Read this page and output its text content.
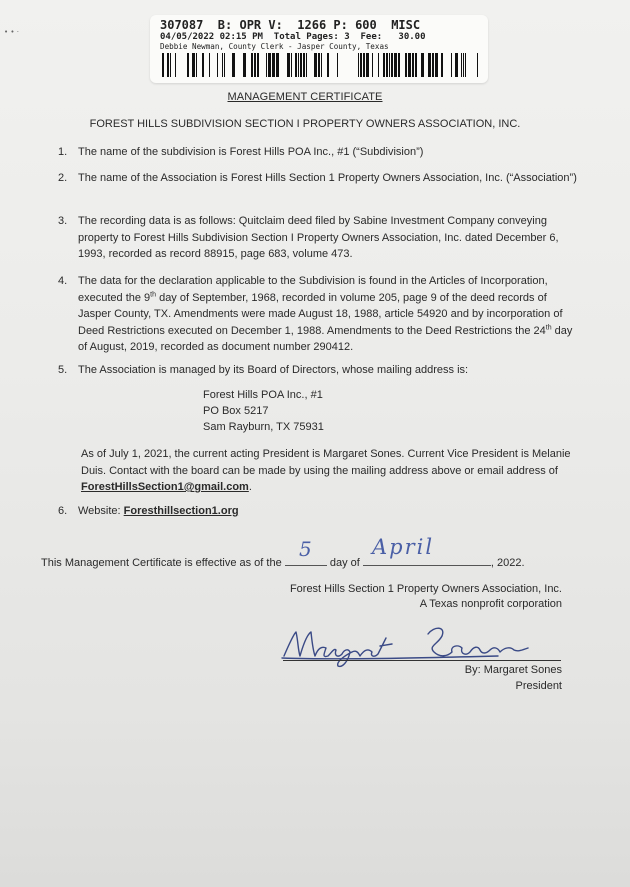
• • ·	307087  B: OPR V:  1266 P: 600  MISC
04/05/2022 02:15 PM  Total Pages: 3  Fee:   30.00
Debbie Newman, County Clerk - Jasper County, Texas
MANAGEMENT CERTIFICATE
FOREST HILLS SUBDIVISION SECTION I PROPERTY OWNERS ASSOCIATION, INC.
1. The name of the subdivision is Forest Hills POA Inc., #1 (“Subdivision”)
2. The name of the Association is Forest Hills Section 1 Property Owners Association, Inc. (“Association”)
3. The recording data is as follows: Quitclaim deed filed by Sabine Investment Company conveying property to Forest Hills Subdivision Section I Property Owners Association, Inc. dated December 6, 1993, recorded as record 88915, page 683, volume 473.
4. The data for the declaration applicable to the Subdivision is found in the Articles of Incorporation, executed the 9th day of September, 1968, recorded in volume 205, page 9 of the deed records of Jasper County, TX. Amendments were made August 18, 1988, article 54920 and by incorporation of Deed Restrictions executed on December 1, 1988. Amendments to the Deed Restrictions the 24th day of August, 2019, recorded as document number 290412.
5. The Association is managed by its Board of Directors, whose mailing address is:
Forest Hills POA Inc., #1
PO Box 5217
Sam Rayburn, TX 75931
As of July 1, 2021, the current acting President is Margaret Sones. Current Vice President is Melanie Duis. Contact with the board can be made by using the mailing address above or email address of ForestHillsSection1@gmail.com.
6. Website: Foresthillsection1.org
This Management Certificate is effective as of the	day of	, 2022.
5	April
Forest Hills Section 1 Property Owners Association, Inc.
A Texas nonprofit corporation
By: Margaret Sones
President
